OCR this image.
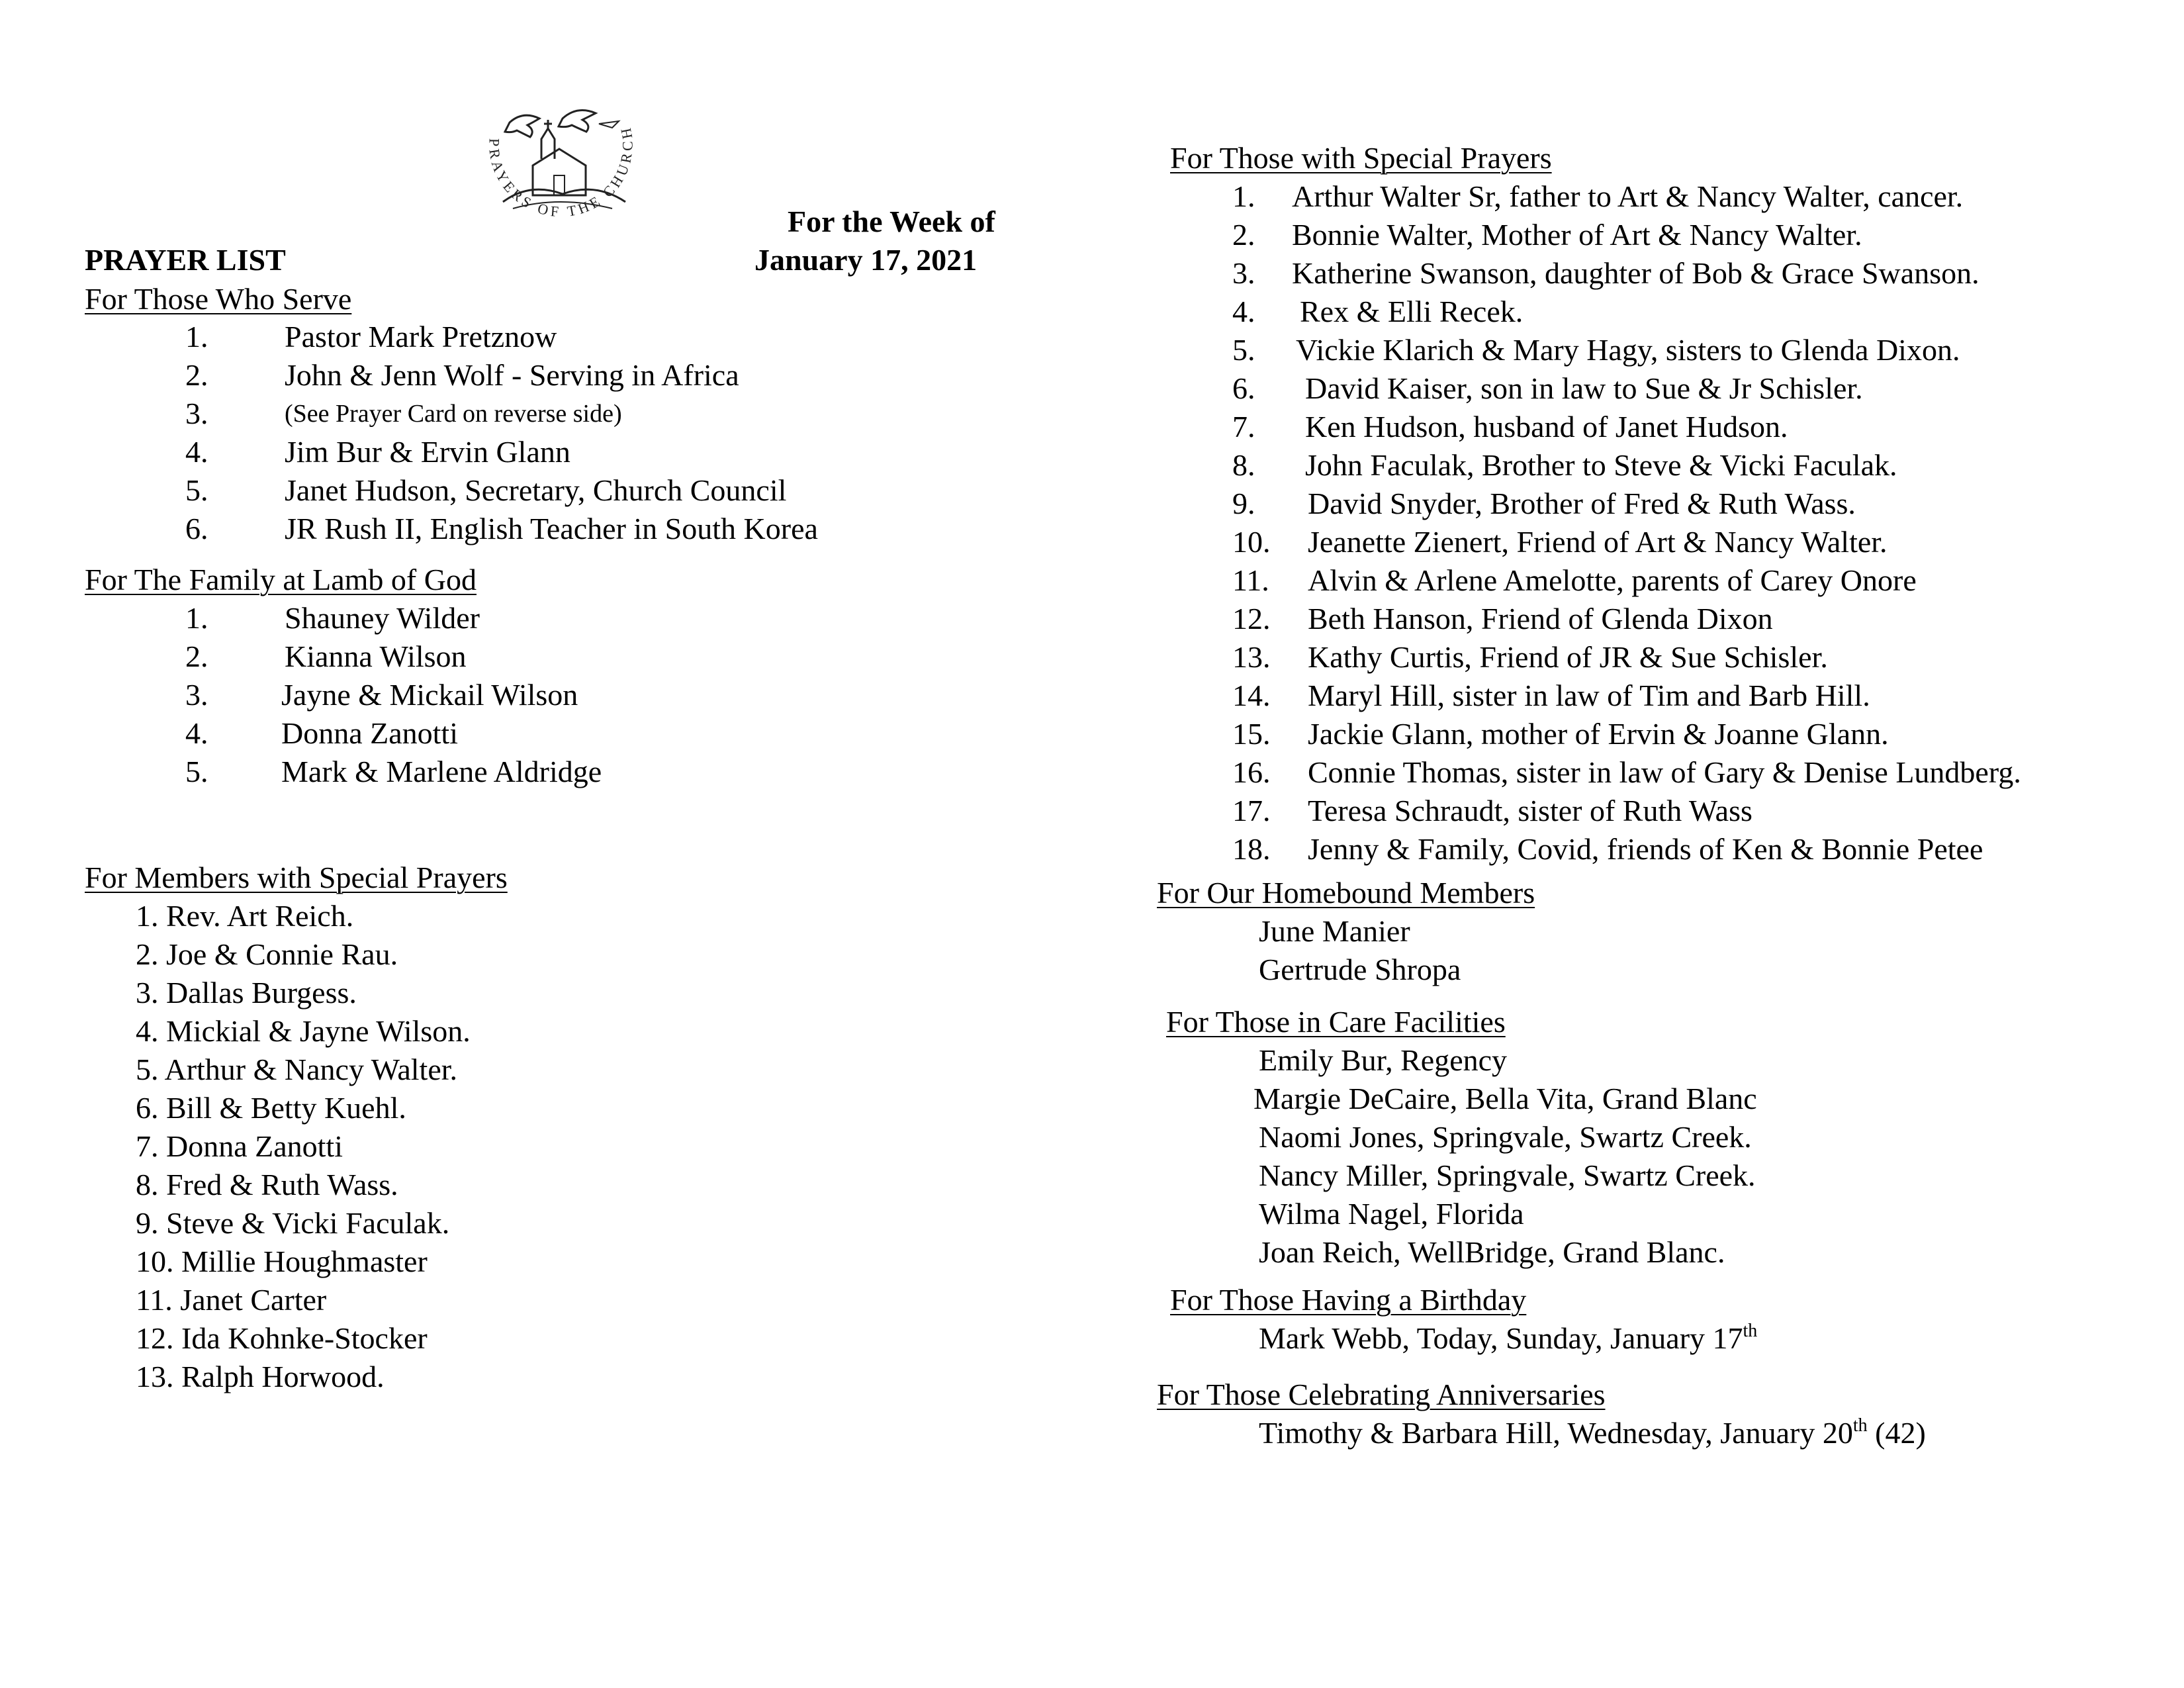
PRAYERS OF THE CHURCH
PRAYER LIST
For the Week of
January 17, 2021
For Those Who Serve
1.	Pastor Mark Pretznow
2.	John & Jenn Wolf - Serving in Africa
3.	(See Prayer Card on reverse side)
4.	Jim Bur & Ervin Glann
5.	Janet Hudson, Secretary, Church Council
6.	JR Rush II, English Teacher in South Korea
For The Family at Lamb of God
1.	Shauney Wilder
2.	Kianna Wilson
3. Jayne & Mickail Wilson
4. Donna Zanotti
5. Mark & Marlene Aldridge
For Members with Special Prayers
1. Rev. Art Reich.
2. Joe & Connie Rau.
3. Dallas Burgess.
4. Mickial & Jayne Wilson.
5. Arthur & Nancy Walter.
6. Bill & Betty Kuehl.
7. Donna Zanotti
8. Fred & Ruth Wass.
9. Steve & Vicki Faculak.
10. Millie Houghmaster
11. Janet Carter
12. Ida Kohnke-Stocker
13. Ralph Horwood.
For Those with Special Prayers
1. Arthur Walter Sr, father to Art & Nancy Walter, cancer.
2. Bonnie Walter, Mother of Art & Nancy Walter.
3. Katherine Swanson, daughter of Bob & Grace Swanson.
4. Rex & Elli Recek.
5. Vickie Klarich & Mary Hagy, sisters to Glenda Dixon.
6. David Kaiser, son in law to Sue & Jr Schisler.
7. Ken Hudson, husband of Janet Hudson.
8. John Faculak, Brother to Steve & Vicki Faculak.
9. David Snyder, Brother of Fred & Ruth Wass.
10. Jeanette Zienert, Friend of Art & Nancy Walter.
11. Alvin & Arlene Amelotte, parents of Carey Onore
12. Beth Hanson, Friend of Glenda Dixon
13. Kathy Curtis, Friend of JR & Sue Schisler.
14. Maryl Hill, sister in law of Tim and Barb Hill.
15. Jackie Glann, mother of Ervin & Joanne Glann.
16. Connie Thomas, sister in law of Gary & Denise Lundberg.
17. Teresa Schraudt, sister of Ruth Wass
18. Jenny & Family, Covid, friends of Ken & Bonnie Petee
For Our Homebound Members
June Manier
Gertrude Shropa
For Those in Care Facilities
Emily Bur, Regency
Margie DeCaire, Bella Vita, Grand Blanc
Naomi Jones, Springvale, Swartz Creek.
Nancy Miller, Springvale, Swartz Creek.
Wilma Nagel, Florida
Joan Reich, WellBridge, Grand Blanc.
For Those Having a Birthday
Mark Webb, Today, Sunday, January 17th
For Those Celebrating Anniversaries
Timothy & Barbara Hill, Wednesday, January 20th (42)
